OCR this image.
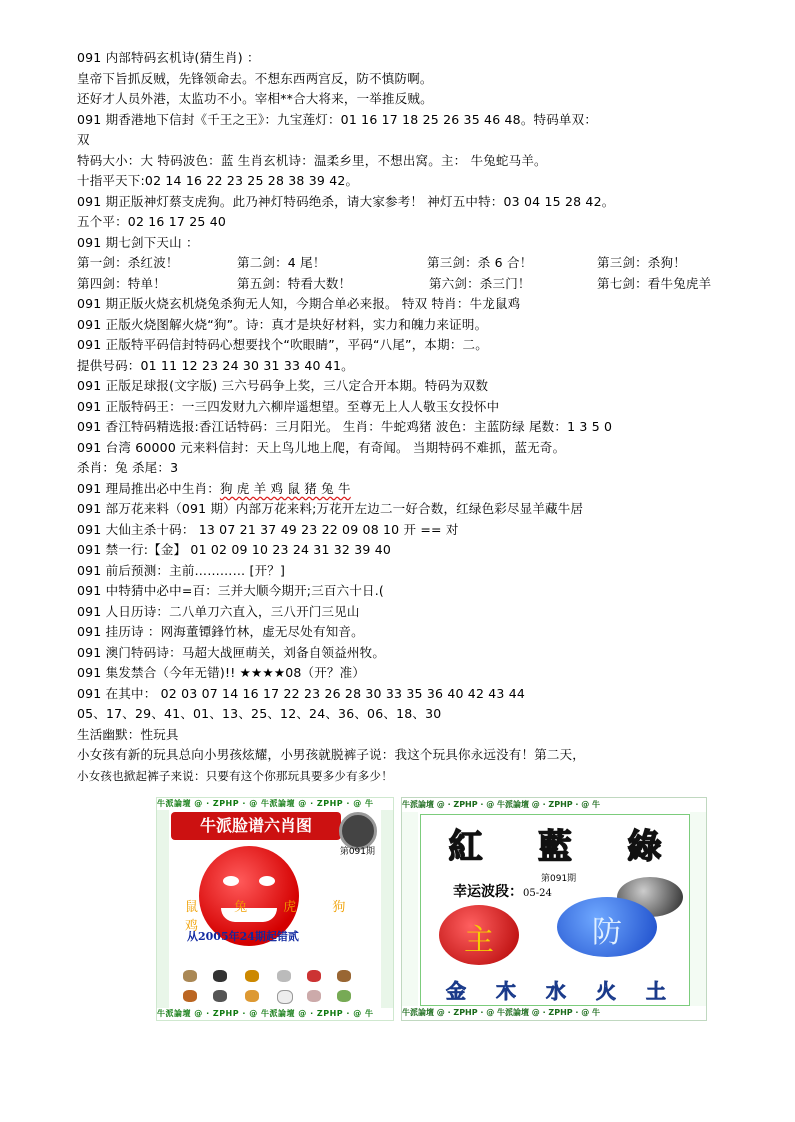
091 内部特码玄机诗(猜生肖) ：
皇帝下旨抓反贼，先锋领命去。不想东西两宫反，防不慎防啊。
还好才人员外港，太监功不小。宰相**合大将来，一举推反贼。
091 期香港地下信封《千王之王》：九宝莲灯：01 16 17 18 25 26 35 46 48。特码单双：
双
特码大小：大 特码波色：蓝 生肖玄机诗：温柔乡里，不想出窝。主： 牛兔蛇马羊。
十指平天下:02 14 16 22 23 25 28 38 39 42。
091 期正版神灯蔡支虎狗。此乃神灯特码绝杀，请大家参考！ 神灯五中特：03 04 15 28 42。
五个平：02 16 17 25 40
091 期七剑下天山 ：
第一剑：杀红波！	第二剑：4 尾！	第三剑：杀 6 合！	第三剑：杀狗！
第四剑：特单！	第五剑：特看大数！	第六剑：杀三门！	第七剑：看牛兔虎羊
091 期正版火烧玄机烧兔杀狗无人知，今期合单必来报。 特双 特肖：牛龙鼠鸡
091 正版火烧图解火烧“狗”。诗：真才是块好材料，实力和魄力来证明。
091 正版特平码信封特码心想要找个“吹眼睛”，平码“八尾”，本期：二。
提供号码：01 11 12 23 24 30 31 33 40 41。
091 正版足球报(文字版) 三六号码争上奖，三八定合开本期。特码为双数
091 正版特码王：一三四发财九六柳岸遥想望。至尊无上人人敬玉女投怀中
091 香江特码精选报:香江话特码：三月阳光。 生肖：牛蛇鸡猪 波色：主蓝防绿 尾数：1 3 5 0
091 台湾 60000 元来料信封：天上鸟儿地上爬，有奇闻。 当期特码不难抓，蓝无奇。
杀肖：兔 杀尾：3
091 理局推出必中生肖：狗 虎 羊 鸡 鼠 猪 兔 牛
091 部万花来料（091 期）内部万花来料;万花开左边二一好合数，红绿色彩尽显羊藏牛居
091 大仙主杀十码： 13 07 21 37 49 23 22 09 08 10 开 == 对
091 禁一行:【金】 01 02 09 10 23 24 31 32 39 40
091 前后预测：主前………… [开？]
091 中特猜中必中=百：三并大顺今期开;三百六十日.(
091 人日历诗：二八单刀六直入，三八开门三见山
091 挂历诗 ：网海董镡鋒竹林，虚无尽处有知音。
091 澳门特码诗：马超大战匣萌关，刘备自领益州牧。
091 集发禁合（今年无错)!! ★★★★08（开？准）
091 在其中： 02 03 07 14 16 17 22 23 26 28 30 33 35 36 40 42 43 44
05、17、29、41、01、13、25、12、24、36、06、18、30
生活幽默：性玩具
小女孩有新的玩具总向小男孩炫耀，小男孩就脱裤子说：我这个玩具你永远没有！第二天，
小女孩也掀起裤子来说：只要有这个你那玩具要多少有多少！
牛派論壇 @ · ZPHP · @ 牛派論壇 @ · ZPHP · @ 牛
牛派脸谱六肖图
第091期
鼠 兔 虎 狗 鸡
从2005年24期起错贰
牛派論壇 @ · ZPHP · @ 牛派論壇 @ · ZPHP · @ 牛
牛派論壇 @ · ZPHP · @ 牛派論壇 @ · ZPHP · @ 牛
紅 藍 綠
第091期
幸运波段：05-24
主	防
金 木 水 火 土
牛派論壇 @ · ZPHP · @ 牛派論壇 @ · ZPHP · @ 牛
